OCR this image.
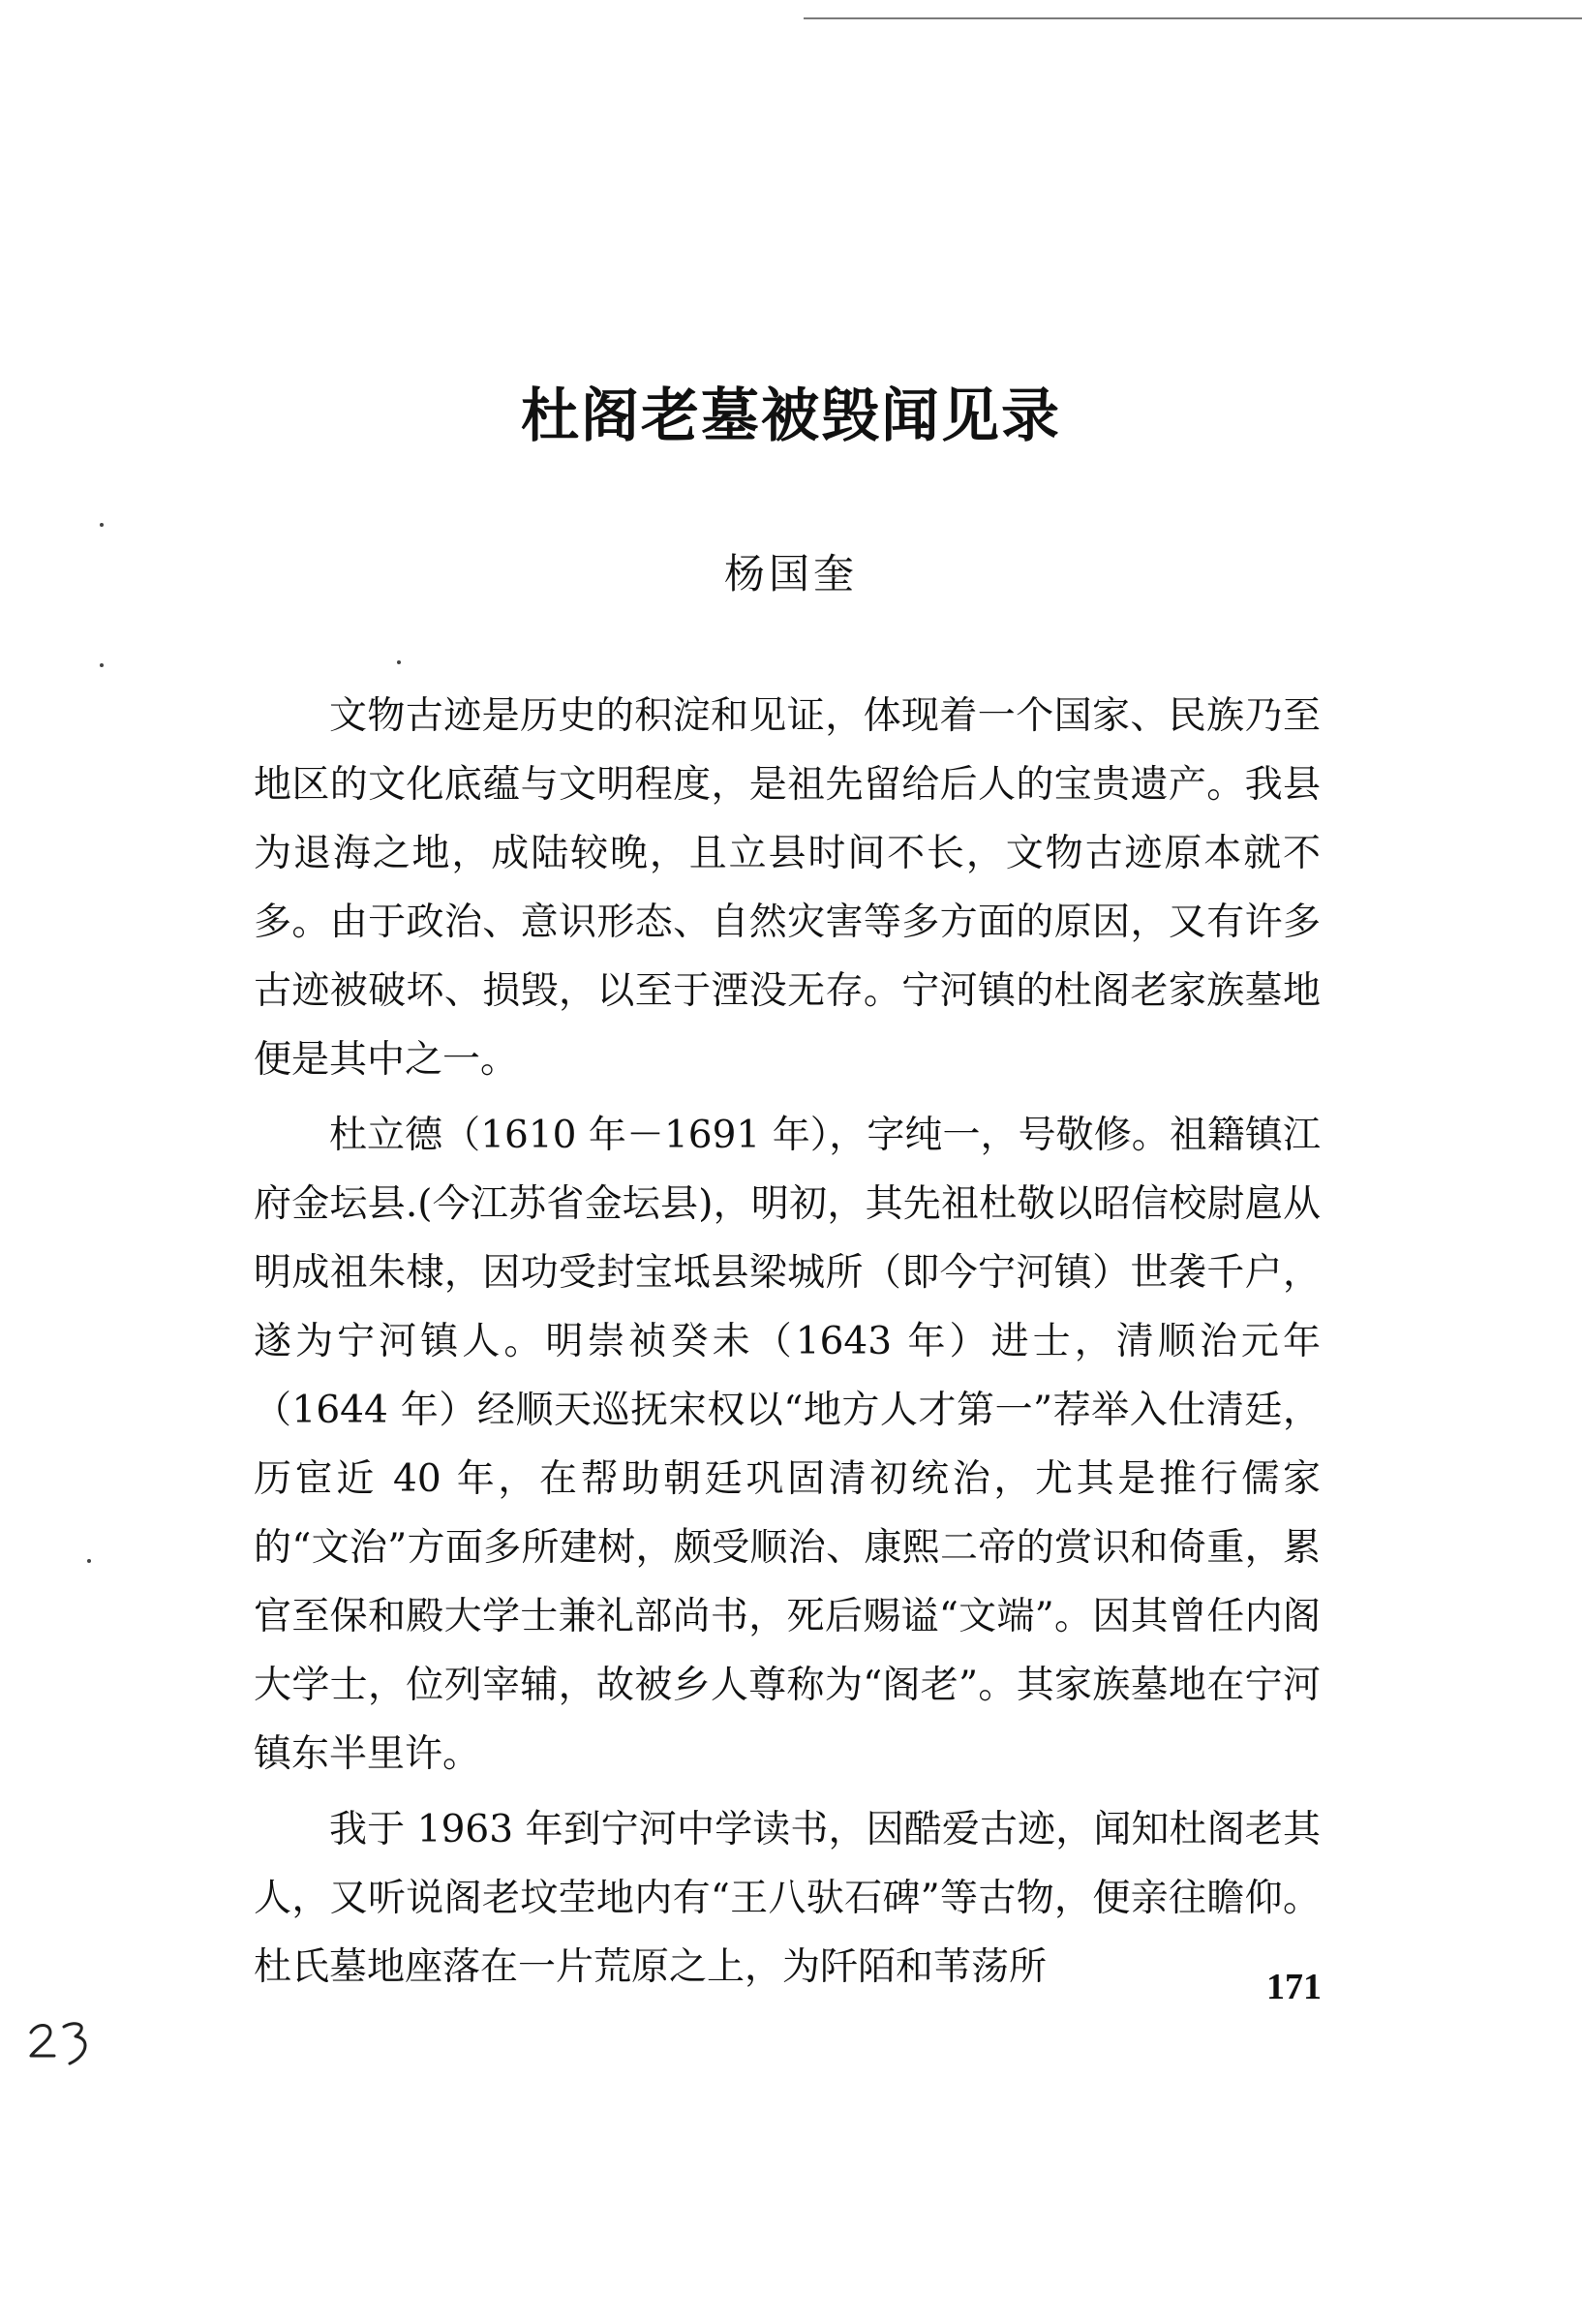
杜阁老墓被毁闻见录
杨国奎

文物古迹是历史的积淀和见证，体现着一个国家、民族乃至地区的文化底蕴与文明程度，是祖先留给后人的宝贵遗产。我县为退海之地，成陆较晚，且立县时间不长，文物古迹原本就不多。由于政治、意识形态、自然灾害等多方面的原因，又有许多古迹被破坏、损毁，以至于湮没无存。宁河镇的杜阁老家族墓地便是其中之一。

杜立德（1610 年－1691 年），字纯一，号敬修。祖籍镇江府金坛县.(今江苏省金坛县)，明初，其先祖杜敬以昭信校尉扈从明成祖朱棣，因功受封宝坻县梁城所（即今宁河镇）世袭千户，遂为宁河镇人。明崇祯癸未（1643 年）进士，清顺治元年（1644 年）经顺天巡抚宋权以“地方人才第一”荐举入仕清廷，历宦近 40 年，在帮助朝廷巩固清初统治，尤其是推行儒家的“文治”方面多所建树，颇受顺治、康熙二帝的赏识和倚重，累官至保和殿大学士兼礼部尚书，死后赐谥“文端”。因其曾任内阁大学士，位列宰辅，故被乡人尊称为“阁老”。其家族墓地在宁河镇东半里许。

我于 1963 年到宁河中学读书，因酷爱古迹，闻知杜阁老其人，又听说阁老坟茔地内有“王八驮石碑”等古物，便亲往瞻仰。杜氏墓地座落在一片荒原之上，为阡陌和苇荡所	171
